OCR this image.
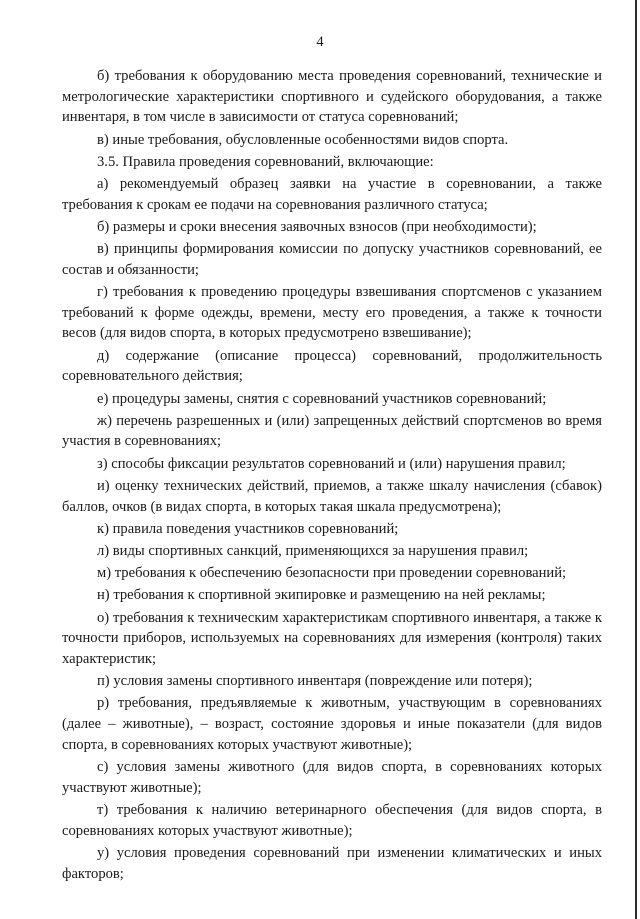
4

б) требования к оборудованию места проведения соревнований, технические и метрологические характеристики спортивного и судейского оборудования, а также инвентаря, в том числе в зависимости от статуса соревнований;

в) иные требования, обусловленные особенностями видов спорта.

3.5. Правила проведения соревнований, включающие:

а) рекомендуемый образец заявки на участие в соревновании, а также требования к срокам ее подачи на соревнования различного статуса;

б) размеры и сроки внесения заявочных взносов (при необходимости);

в) принципы формирования комиссии по допуску участников соревнований, ее состав и обязанности;

г) требования к проведению процедуры взвешивания спортсменов с указанием требований к форме одежды, времени, месту его проведения, а также к точности весов (для видов спорта, в которых предусмотрено взвешивание);

д) содержание (описание процесса) соревнований, продолжительность соревновательного действия;

е) процедуры замены, снятия с соревнований участников соревнований;

ж) перечень разрешенных и (или) запрещенных действий спортсменов во время участия в соревнованиях;

з) способы фиксации результатов соревнований и (или) нарушения правил;

и) оценку технических действий, приемов, а также шкалу начисления (сбавок) баллов, очков (в видах спорта, в которых такая шкала предусмотрена);

к) правила поведения участников соревнований;

л) виды спортивных санкций, применяющихся за нарушения правил;

м) требования к обеспечению безопасности при проведении соревнований;

н) требования к спортивной экипировке и размещению на ней рекламы;

о) требования к техническим характеристикам спортивного инвентаря, а также к точности приборов, используемых на соревнованиях для измерения (контроля) таких характеристик;

п) условия замены спортивного инвентаря (повреждение или потеря);

р) требования, предъявляемые к животным, участвующим в соревнованиях (далее – животные), – возраст, состояние здоровья и иные показатели (для видов спорта, в соревнованиях которых участвуют животные);

с) условия замены животного (для видов спорта, в соревнованиях которых участвуют животные);

т) требования к наличию ветеринарного обеспечения (для видов спорта, в соревнованиях которых участвуют животные);

у) условия проведения соревнований при изменении климатических и иных факторов;
